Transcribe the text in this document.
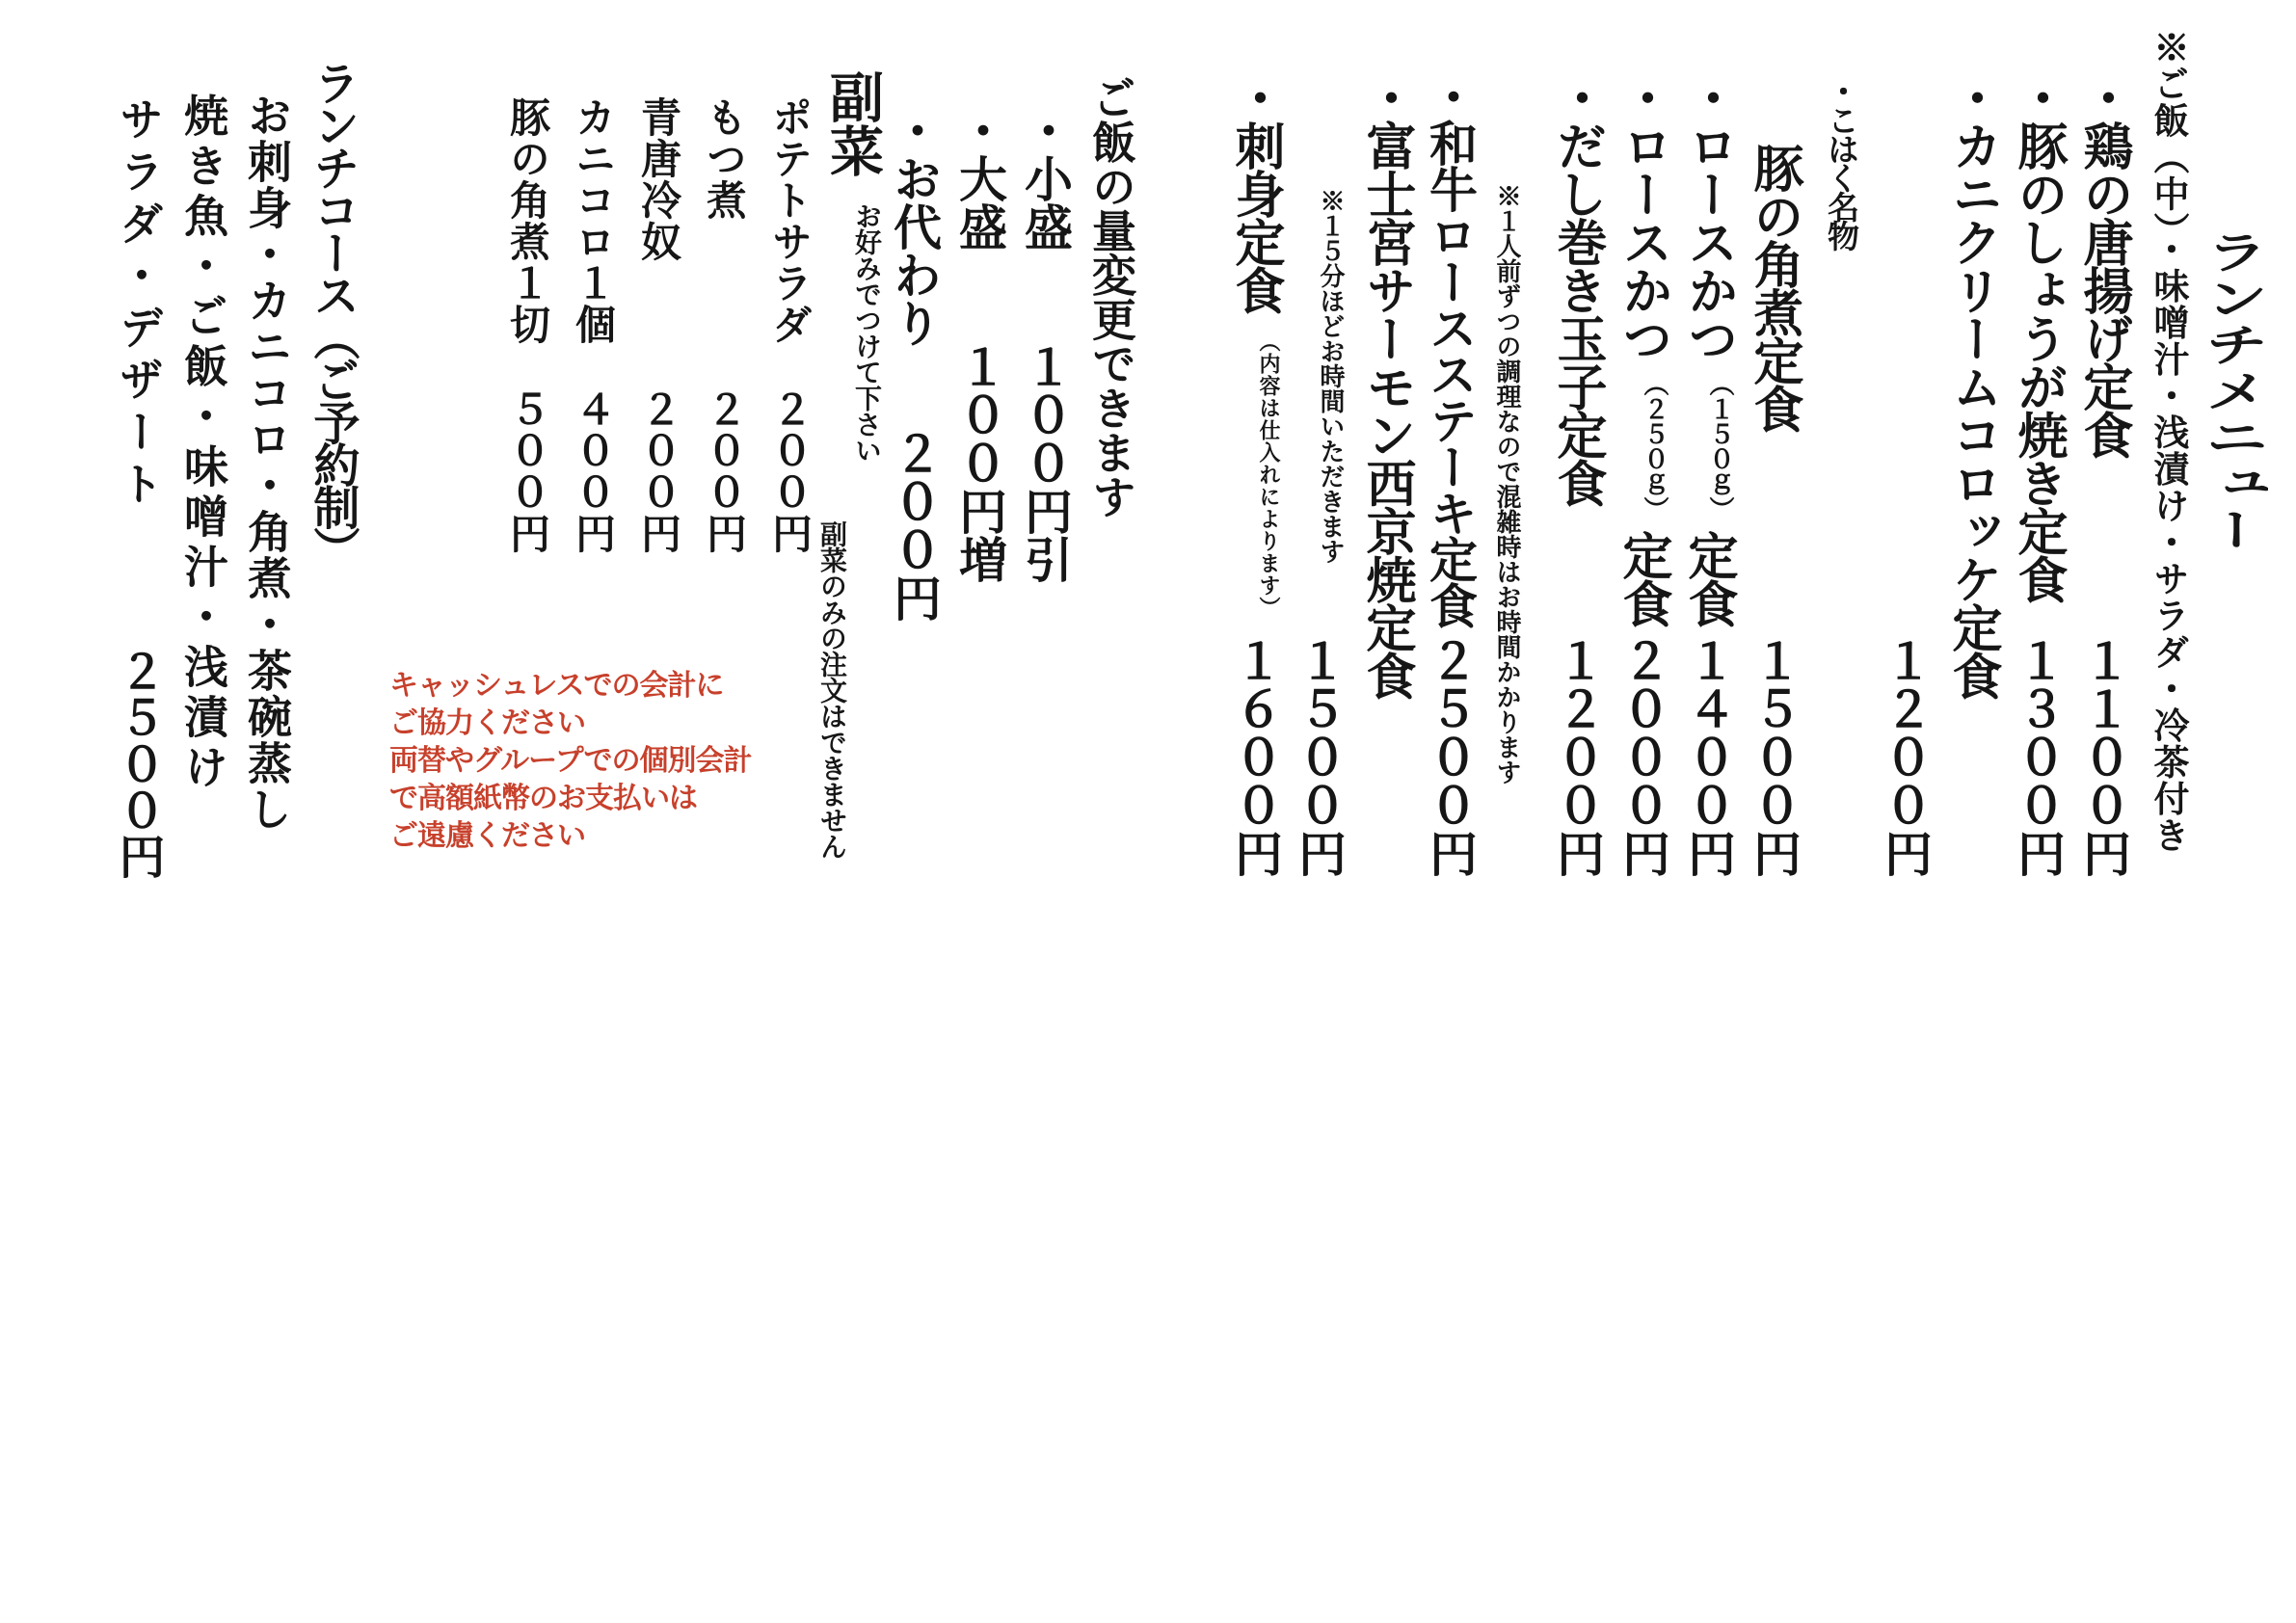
ランチメニュー
※ご飯（中）・味噌汁・浅漬け・サラダ・冷茶付き
・鶏の唐揚げ定食
１１００円
・豚のしょうが焼き定食
１３００円
・カニクリームコロッケ定食
１２００円
・こはく名物
豚の角煮定食
１５００円
・ロースかつ
（１５０ｇ）
定食
１４００円
・ロースかつ
（２５０ｇ）
定食
２０００円
・だし巻き玉子定食
１２００円
※１人前ずつの調理なので混雑時はお時間かかります
・和牛ロースステーキ定食
２５００円
・富士宮サーモン西京焼定食
※１５分ほどお時間いただきます
１５００円
・刺身定食
（内容は仕入れによります）
１６００円
ご飯の量変更できます
・小盛
１００円引
・大盛
１００円増
・お代わり
２００円
副菜
お好みでつけて下さい
副菜のみの注文はできません
ポテトサラダ
２００円
もつ煮
２００円
青唐冷奴
２００円
カニコロ１個
４００円
豚の角煮１切
５００円
キャッシュレスでの会計に
ご協力ください
両替やグループでの個別会計
で高額紙幣のお支払いは
ご遠慮ください
ランチコース（ご予約制）
お刺身・カニコロ・角煮・茶碗蒸し
焼き魚・ご飯・味噌汁・浅漬け
サラダ・デザート
２５００円
